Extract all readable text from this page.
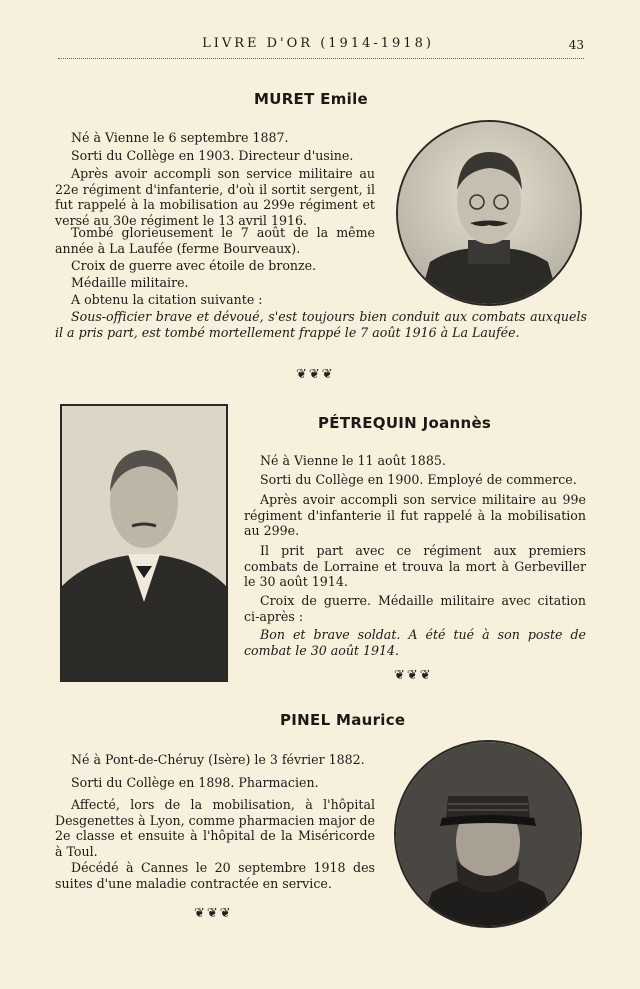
LIVRE D'OR (1914-1918)	43
MURET Emile
Né à Vienne le 6 septembre 1887.
Sorti du Collège en 1903. Directeur d'usine.
Après avoir accompli son service militaire au 22e régiment d'infanterie, d'où il sortit sergent, il fut rappelé à la mobilisation au 299e régiment et versé au 30e régiment le 13 avril 1916.
Tombé glorieusement le 7 août de la même année à La Laufée (ferme Bourveaux).
Croix de guerre avec étoile de bronze.
Médaille militaire.
A obtenu la citation suivante :
Sous-officier brave et dévoué, s'est toujours bien conduit aux combats auxquels il a pris part, est tombé mortellement frappé le 7 août 1916 à La Laufée.
❦❦❦
PÉTREQUIN Joannès
Né à Vienne le 11 août 1885.
Sorti du Collège en 1900. Employé de commerce.
Après avoir accompli son service militaire au 99e régiment d'infanterie il fut rappelé à la mobilisation au 299e.
Il prit part avec ce régiment aux premiers combats de Lorraine et trouva la mort à Gerbeviller le 30 août 1914.
Croix de guerre. Médaille militaire avec citation ci-après :
Bon et brave soldat. A été tué à son poste de combat le 30 août 1914.
❦❦❦
PINEL Maurice
Né à Pont-de-Chéruy (Isère) le 3 février 1882.
Sorti du Collège en 1898. Pharmacien.
Affecté, lors de la mobilisation, à l'hôpital Desgenettes à Lyon, comme pharmacien major de 2e classe et ensuite à l'hôpital de la Miséricorde à Toul.
Décédé à Cannes le 20 septembre 1918 des suites d'une maladie contractée en service.
❦❦❦
